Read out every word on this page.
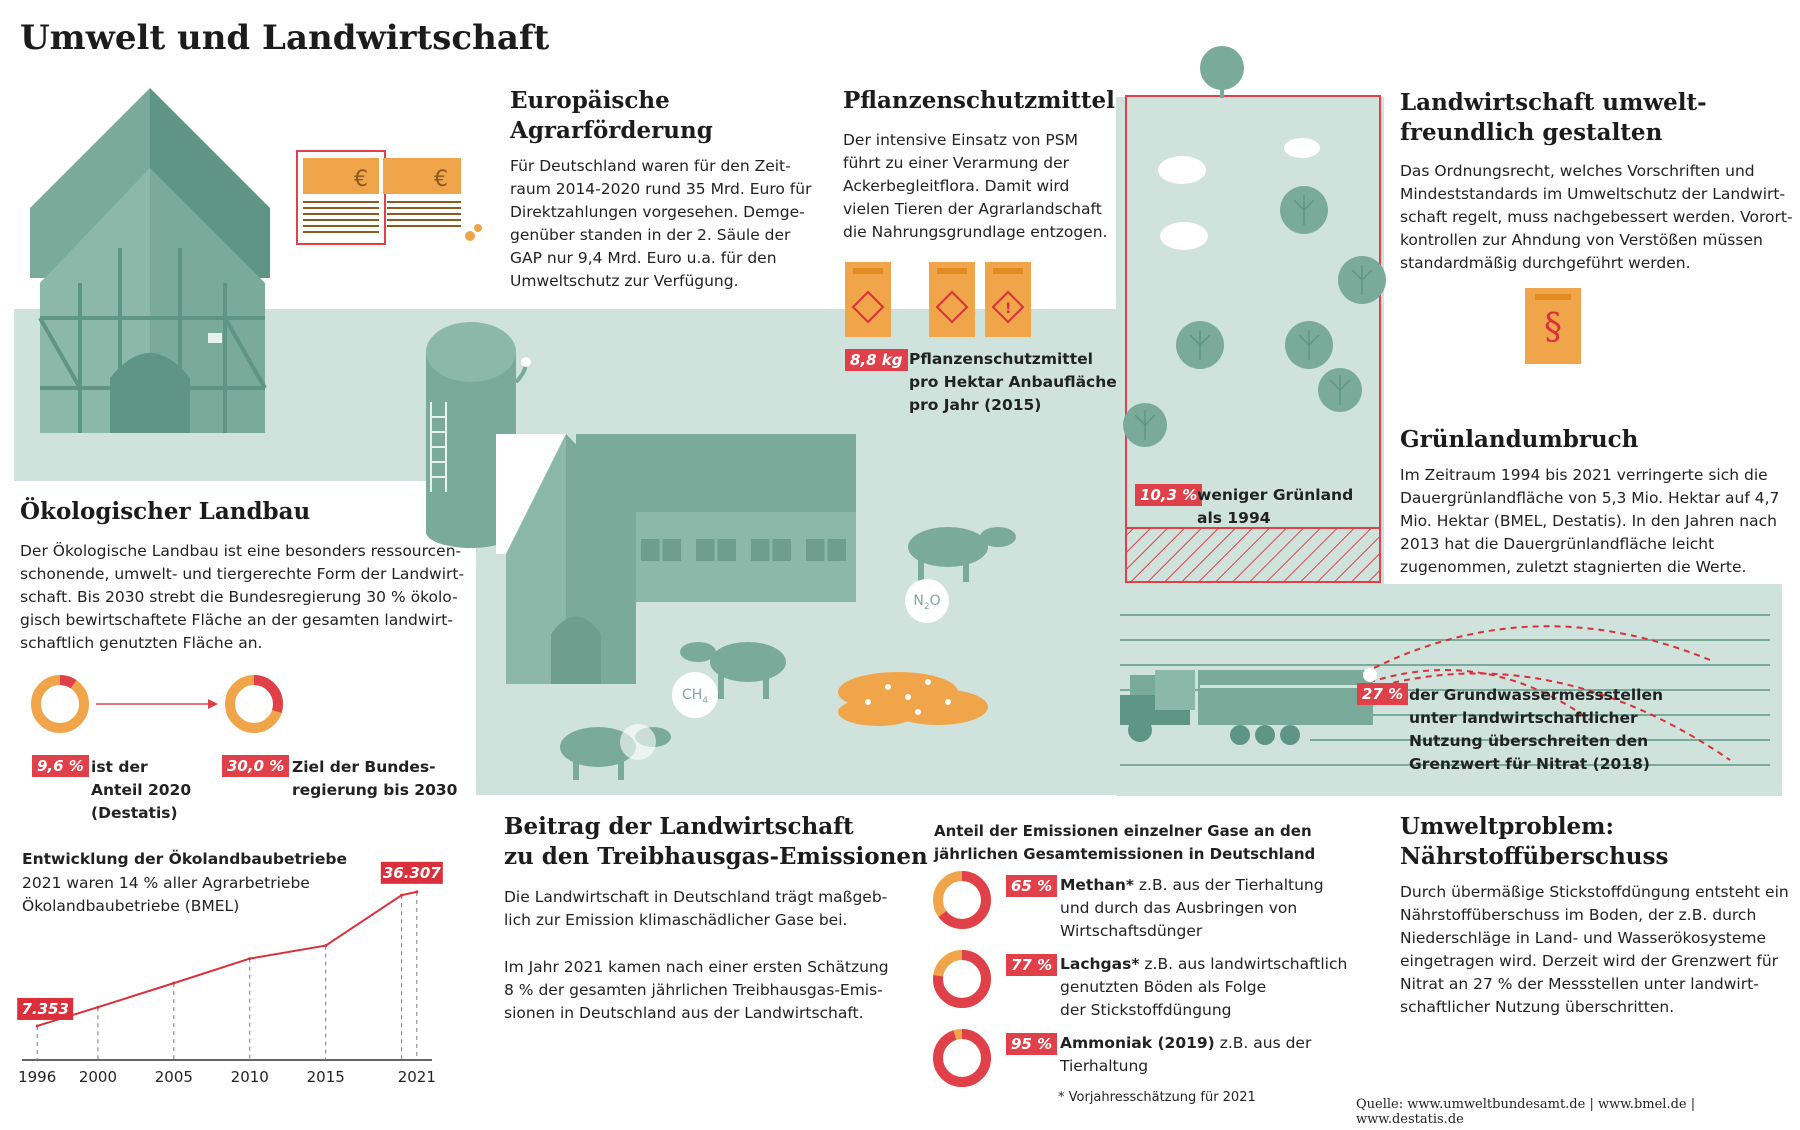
$CH_4$
$N_2O$
Umwelt und Landwirtschaft
€	€
Europäische
Agrarförderung

Für Deutschland waren für den Zeit-
raum 2014-2020 rund 35 Mrd. Euro für
Direktzahlungen vorgesehen. Demge-
genüber standen in der 2. Säule der
GAP nur 9,4 Mrd. Euro u.a. für den
Umweltschutz zur Verfügung.

Pflanzenschutzmittel

Der intensive Einsatz von PSM
führt zu einer Verarmung der
Ackerbegleitflora. Damit wird
vielen Tieren der Agrarlandschaft
die Nahrungsgrundlage entzogen.

!
8,8 kg Pflanzenschutzmittel
pro Hektar Anbaufläche
pro Jahr (2015)
Landwirtschaft umwelt-
freundlich gestalten

Das Ordnungsrecht, welches Vorschriften und
Mindeststandards im Umweltschutz der Landwirt-
schaft regelt, muss nachgebessert werden. Vorort-
kontrollen zur Ahndung von Verstößen müssen
standardmäßig durchgeführt werden.

§
Grünlandumbruch

Im Zeitraum 1994 bis 2021 verringerte sich die
Dauergrünlandfläche von 5,3 Mio. Hektar auf 4,7
Mio. Hektar (BMEL, Destatis). In den Jahren nach
2013 hat die Dauergrünlandfläche leicht
zugenommen, zuletzt stagnierten die Werte.

10,3 % weniger Grünland
als 1994
Ökologischer Landbau

Der Ökologische Landbau ist eine besonders ressourcen-
schonende, umwelt- und tiergerechte Form der Landwirt-
schaft. Bis 2030 strebt die Bundesregierung 30 % ökolo-
gisch bewirtschaftete Fläche an der gesamten landwirt-
schaftlich genutzten Fläche an.

9,6 % ist der
Anteil 2020
(Destatis)
30,0 % Ziel der Bundes-
regierung bis 2030
Entwicklung der Ökolandbaubetriebe
2021 waren 14 % aller Agrarbetriebe
Ökolandbaubetriebe (BMEL)
1996 2000	2005	2010	2015	2021
7.353
36.307
27 % der Grundwassermessstellen
unter landwirtschaftlicher
Nutzung überschreiten den
Grenzwert für Nitrat (2018)
Beitrag der Landwirtschaft
zu den Treibhausgas-Emissionen

Die Landwirtschaft in Deutschland trägt maßgeb-
lich zur Emission klimaschädlicher Gase bei.

Im Jahr 2021 kamen nach einer ersten Schätzung
8 % der gesamten jährlichen Treibhausgas-Emis-
sionen in Deutschland aus der Landwirtschaft.

Anteil der Emissionen einzelner Gase an den
jährlichen Gesamtemissionen in Deutschland
65 % Methan* z.B. aus der Tierhaltung
und durch das Ausbringen von
Wirtschaftsdünger
77 % Lachgas* z.B. aus landwirtschaftlich
genutzten Böden als Folge
der Stickstoffdüngung
95 % Ammoniak (2019) z.B. aus der
Tierhaltung
* Vorjahresschätzung für 2021
Umweltproblem:
Nährstoffüberschuss

Durch übermäßige Stickstoffdüngung entsteht ein
Nährstoffüberschuss im Boden, der z.B. durch
Niederschläge in Land- und Wasserökosysteme
eingetragen wird. Derzeit wird der Grenzwert für
Nitrat an 27 % der Messstellen unter landwirt-
schaftlicher Nutzung überschritten.

Quelle: www.umweltbundesamt.de | www.bmel.de | www.destatis.de
